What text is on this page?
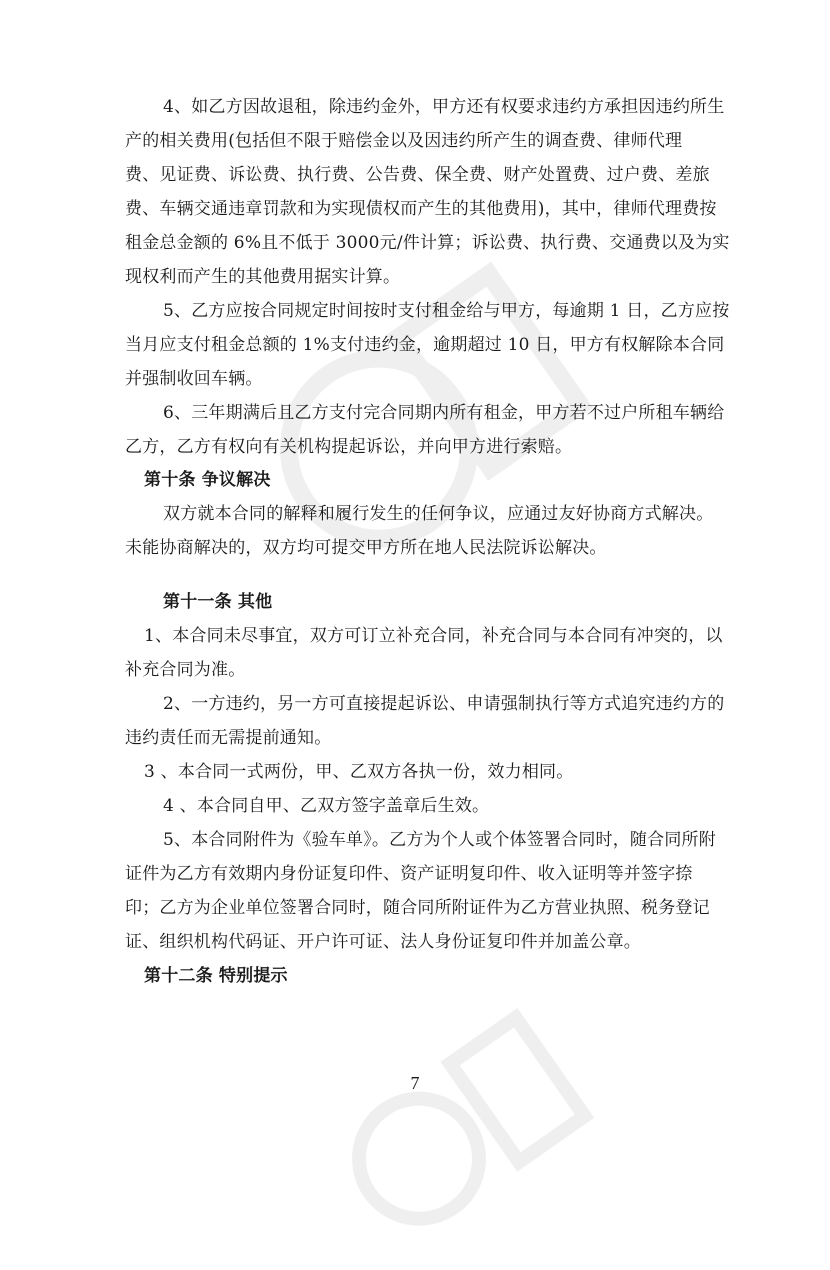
4、如乙方因故退租，除违约金外，甲方还有权要求违约方承担因违约所生
产的相关费用(包括但不限于赔偿金以及因违约所产生的调查费、律师代理
费、见证费、诉讼费、执行费、公告费、保全费、财产处置费、过户费、差旅
费、车辆交通违章罚款和为实现债权而产生的其他费用)，其中，律师代理费按
租金总金额的 6%且不低于 3000元/件计算；诉讼费、执行费、交通费以及为实
现权利而产生的其他费用据实计算。
5、乙方应按合同规定时间按时支付租金给与甲方，每逾期 1 日，乙方应按
当月应支付租金总额的 1%支付违约金，逾期超过 10 日，甲方有权解除本合同
并强制收回车辆。
6、三年期满后且乙方支付完合同期内所有租金，甲方若不过户所租车辆给
乙方，乙方有权向有关机构提起诉讼，并向甲方进行索赔。
第十条 争议解决
双方就本合同的解释和履行发生的任何争议，应通过友好协商方式解决。
未能协商解决的，双方均可提交甲方所在地人民法院诉讼解决。
第十一条 其他
1、本合同未尽事宜，双方可订立补充合同，补充合同与本合同有冲突的，以
补充合同为准。
2、一方违约，另一方可直接提起诉讼、申请强制执行等方式追究违约方的
违约责任而无需提前通知。
3 、本合同一式两份，甲、乙双方各执一份，效力相同。
4 、本合同自甲、乙双方签字盖章后生效。
5、本合同附件为《验车单》。乙方为个人或个体签署合同时，随合同所附
证件为乙方有效期内身份证复印件、资产证明复印件、收入证明等并签字捺
印；乙方为企业单位签署合同时，随合同所附证件为乙方营业执照、税务登记
证、组织机构代码证、开户许可证、法人身份证复印件并加盖公章。
第十二条 特别提示
7
